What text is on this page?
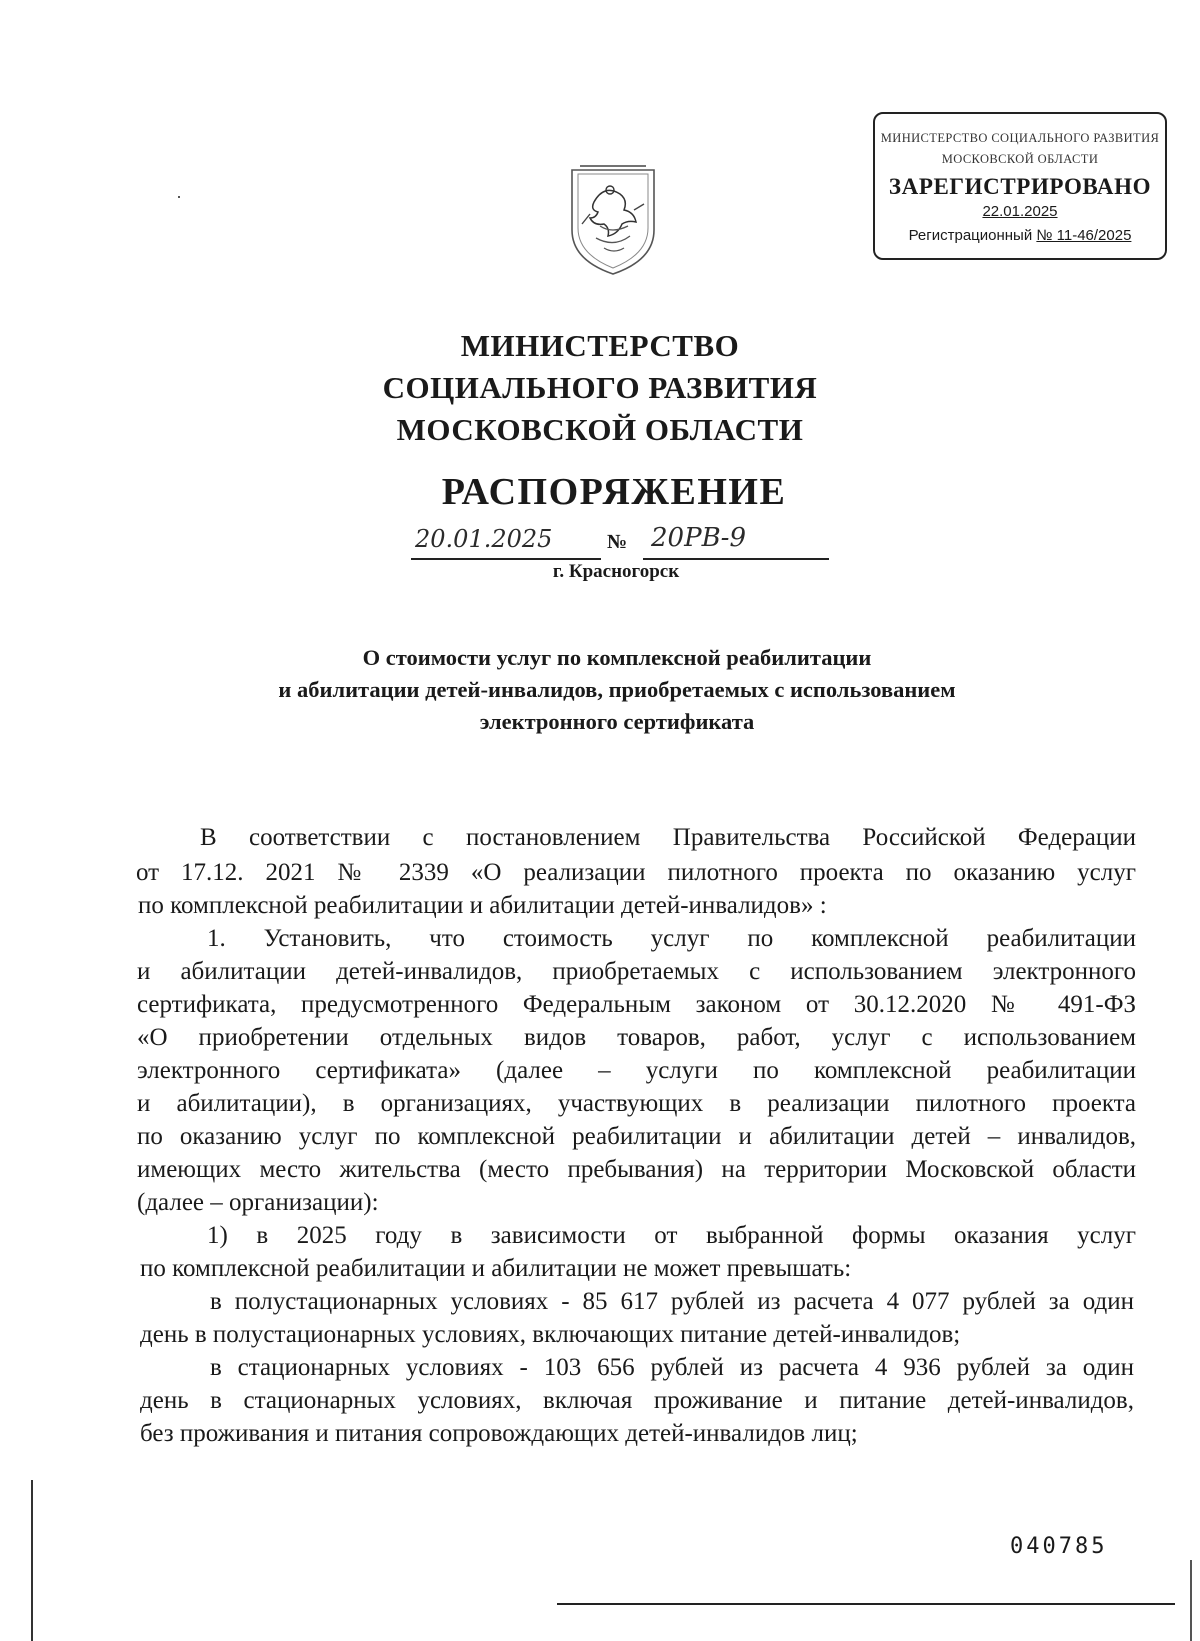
МИНИСТЕРСТВО СОЦИАЛЬНОГО РАЗВИТИЯ МОСКОВСКОЙ ОБЛАСТИ
ЗАРЕГИСТРИРОВАНО
22.01.2025
Регистрационный № 11-46/2025
МИНИСТЕРСТВО
СОЦИАЛЬНОГО РАЗВИТИЯ
МОСКОВСКОЙ ОБЛАСТИ
РАСПОРЯЖЕНИЕ
20.01.2025	№ 20РВ-9
г. Красногорск
О стоимости услуг по комплексной реабилитации
и абилитации детей-инвалидов, приобретаемых с использованием
электронного сертификата
В соответствии с постановлением Правительства Российской Федерации
от 17.12. 2021 № 2339 «О реализации пилотного проекта по оказанию услуг
по комплексной реабилитации и абилитации детей-инвалидов» :
1. Установить, что стоимость услуг по комплексной реабилитации
и абилитации детей-инвалидов, приобретаемых с использованием электронного
сертификата, предусмотренного Федеральным законом от 30.12.2020 № 491-ФЗ
«О приобретении отдельных видов товаров, работ, услуг с использованием
электронного сертификата» (далее – услуги по комплексной реабилитации
и абилитации), в организациях, участвующих в реализации пилотного проекта
по оказанию услуг по комплексной реабилитации и абилитации детей – инвалидов,
имеющих место жительства (место пребывания) на территории Московской области
(далее – организации):
1) в 2025 году в зависимости от выбранной формы оказания услуг
по комплексной реабилитации и абилитации не может превышать:
в полустационарных условиях - 85 617 рублей из расчета 4 077 рублей за один
день в полустационарных условиях, включающих питание детей-инвалидов;
в стационарных условиях - 103 656 рублей из расчета 4 936 рублей за один
день в стационарных условиях, включая проживание и питание детей-инвалидов,
без проживания и питания сопровождающих детей-инвалидов лиц;
040785
